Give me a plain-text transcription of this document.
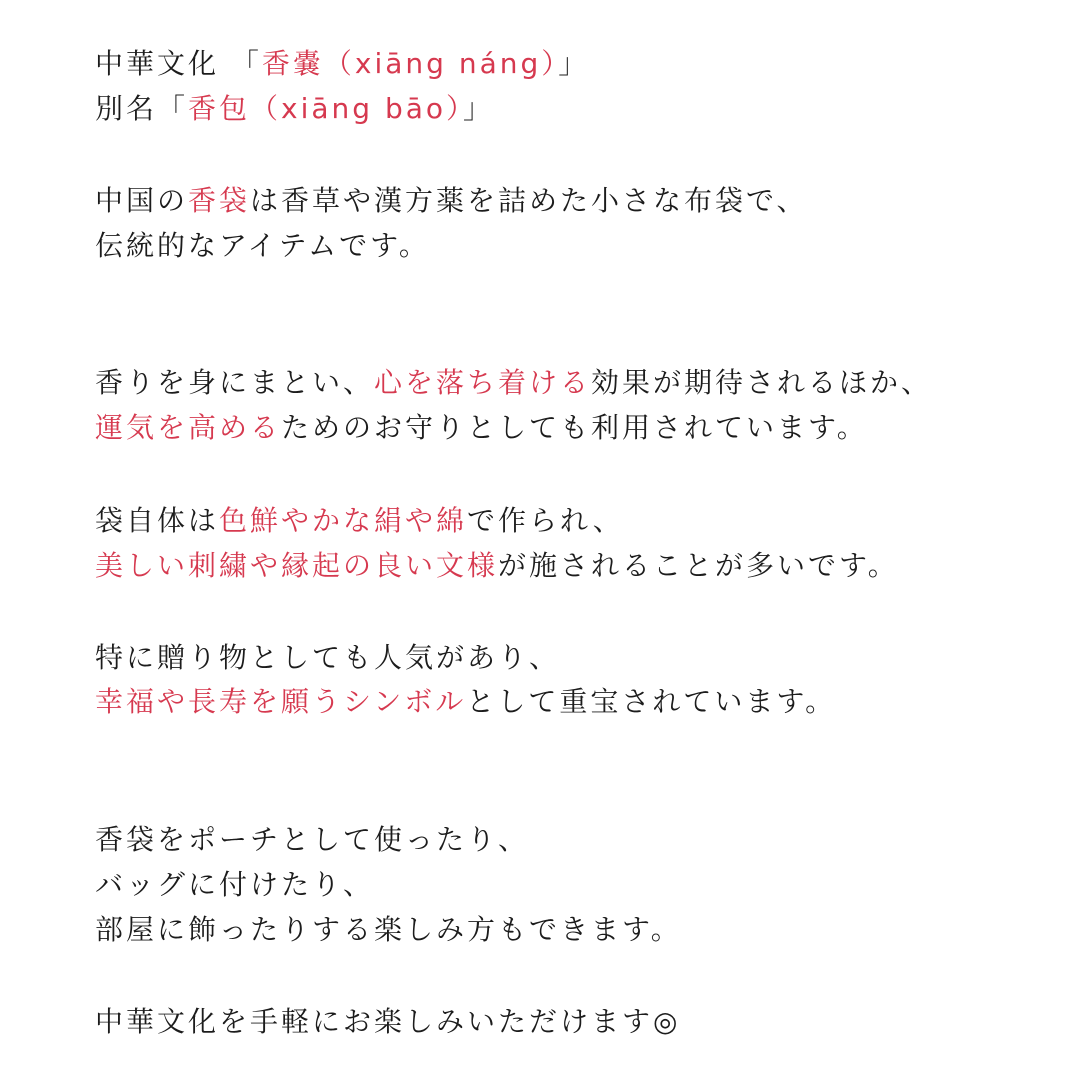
中華文化 「香嚢（xiāng náng）」
別名「香包（xiāng bāo）」
中国の香袋は香草や漢方薬を詰めた小さな布袋で、
伝統的なアイテムです。
香りを身にまとい、心を落ち着ける効果が期待されるほか、
運気を高めるためのお守りとしても利用されています。
袋自体は色鮮やかな絹や綿で作られ、
美しい刺繍や縁起の良い文様が施されることが多いです。
特に贈り物としても人気があり、
幸福や長寿を願うシンボルとして重宝されています。
香袋をポーチとして使ったり、
バッグに付けたり、
部屋に飾ったりする楽しみ方もできます。
中華文化を手軽にお楽しみいただけます◎
